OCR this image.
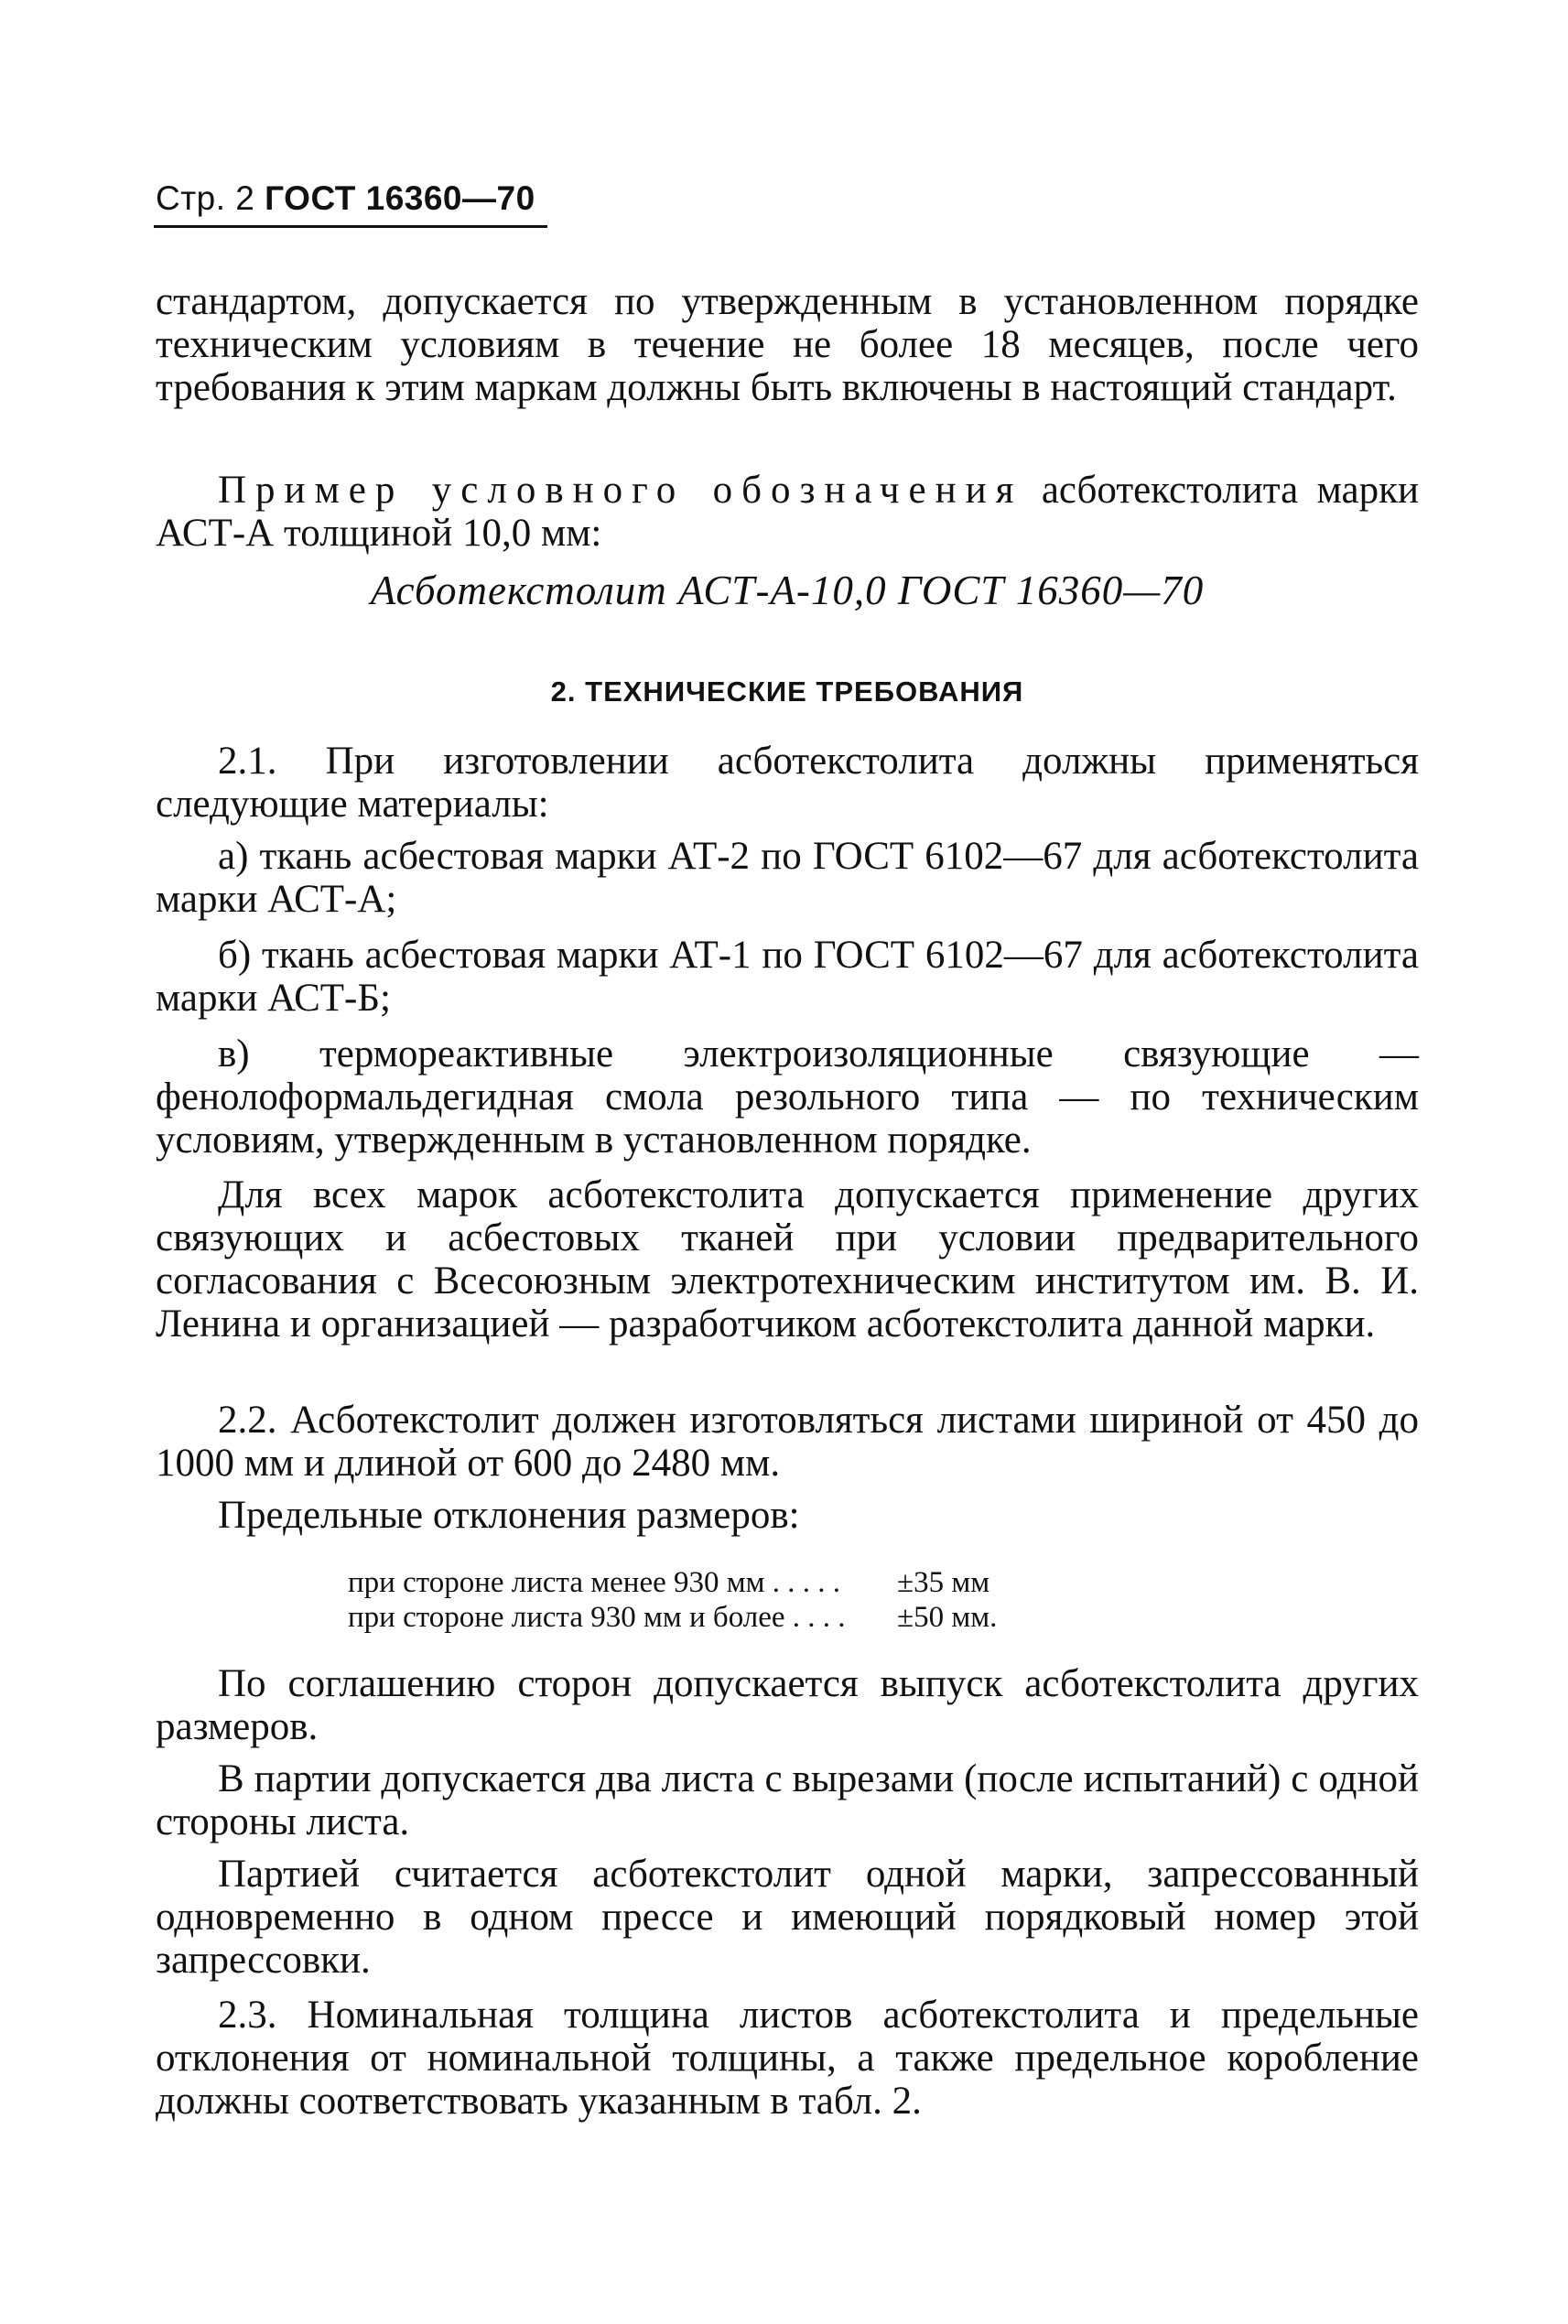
Стр. 2 ГОСТ 16360—70

стандартом, допускается по утвержденным в установленном порядке техническим условиям в течение не более 18 месяцев, после чего требования к этим маркам должны быть включены в настоящий стандарт.

Пример условного обозначения асботекстолита марки АСТ-А толщиной 10,0 мм:

Асботекстолит АСТ-А-10,0 ГОСТ 16360—70
2. ТЕХНИЧЕСКИЕ ТРЕБОВАНИЯ

2.1. При изготовлении асботекстолита должны применяться следующие материалы:

а) ткань асбестовая марки АТ-2 по ГОСТ 6102—67 для асботекстолита марки АСТ-А;

б) ткань асбестовая марки АТ-1 по ГОСТ 6102—67 для асботекстолита марки АСТ-Б;

в) термореактивные электроизоляционные связующие — фенолоформальдегидная смола резольного типа — по техническим условиям, утвержденным в установленном порядке.

Для всех марок асботекстолита допускается применение других связующих и асбестовых тканей при условии предварительного согласования с Всесоюзным электротехническим институтом им. В. И. Ленина и организацией — разработчиком асботекстолита данной марки.

2.2. Асботекстолит должен изготовляться листами шириной от 450 до 1000 мм и длиной от 600 до 2480 мм.

Предельные отклонения размеров:

при стороне листа менее 930 мм . . . . .	±35 мм
при стороне листа 930 мм и более . . . .	±50 мм.

По соглашению сторон допускается выпуск асботекстолита других размеров.

В партии допускается два листа с вырезами (после испытаний) с одной стороны листа.

Партией считается асботекстолит одной марки, запрессованный одновременно в одном прессе и имеющий порядковый номер этой запрессовки.

2.3. Номинальная толщина листов асботекстолита и предельные отклонения от номинальной толщины, а также предельное коробление должны соответствовать указанным в табл. 2.
